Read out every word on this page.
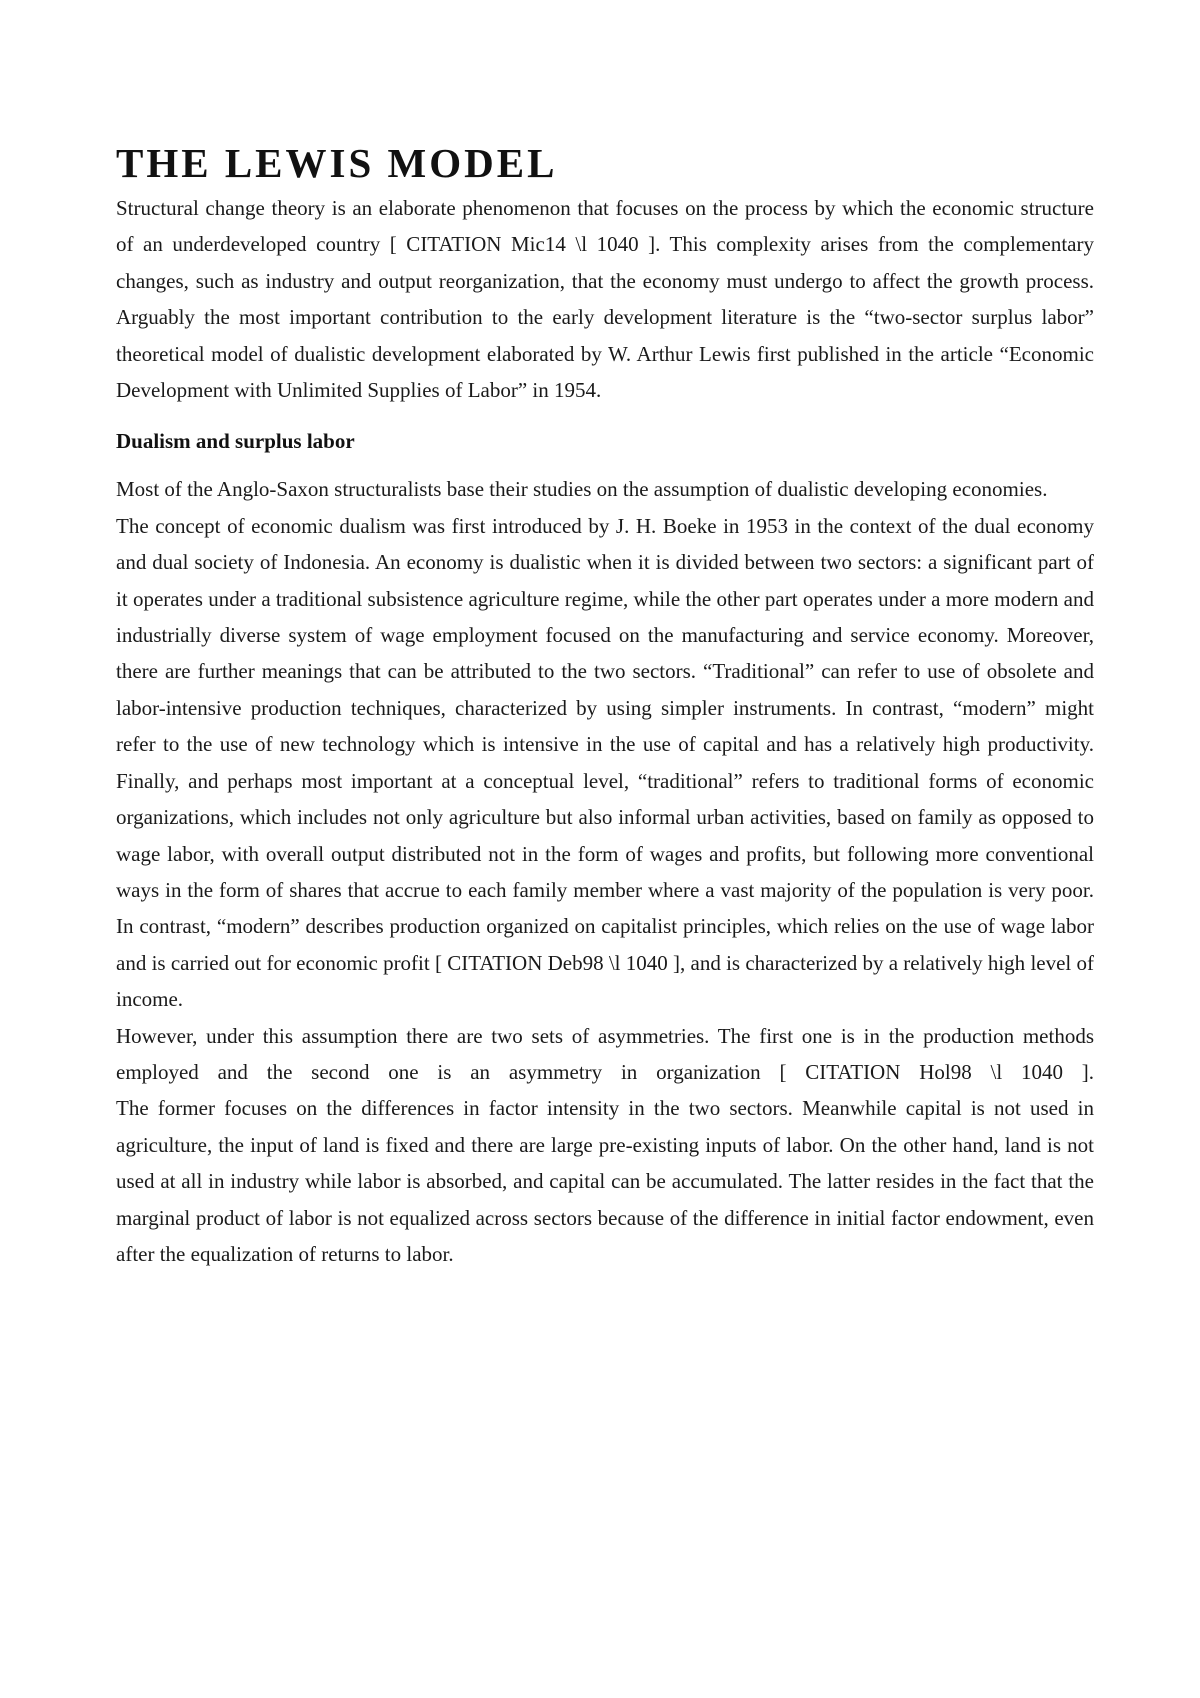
THE LEWIS MODEL

Structural change theory is an elaborate phenomenon that focuses on the process by which the economic structure of an underdeveloped country [ CITATION Mic14 \l 1040 ]. This complexity arises from the complementary changes, such as industry and output reorganization, that the economy must undergo to affect the growth process.

Arguably the most important contribution to the early development literature is the “two-sector surplus labor” theoretical model of dualistic development elaborated by W. Arthur Lewis first published in the article “Economic Development with Unlimited Supplies of Labor” in 1954.

Dualism and surplus labor

Most of the Anglo-Saxon structuralists base their studies on the assumption of dualistic developing economies.

The concept of economic dualism was first introduced by J. H. Boeke in 1953 in the context of the dual economy and dual society of Indonesia. An economy is dualistic when it is divided between two sectors: a significant part of it operates under a traditional subsistence agriculture regime, while the other part operates under a more modern and industrially diverse system of wage employment focused on the manufacturing and service economy. Moreover, there are further meanings that can be attributed to the two sectors. “Traditional” can refer to use of obsolete and labor-intensive production techniques, characterized by using simpler instruments. In contrast, “modern” might refer to the use of new technology which is intensive in the use of capital and has a relatively high productivity. Finally, and perhaps most important at a conceptual level, “traditional” refers to traditional forms of economic organizations, which includes not only agriculture but also informal urban activities, based on family as opposed to wage labor, with overall output distributed not in the form of wages and profits, but following more conventional ways in the form of shares that accrue to each family member where a vast majority of the population is very poor. In contrast, “modern” describes production organized on capitalist principles, which relies on the use of wage labor and is carried out for economic profit [ CITATION Deb98 \l 1040 ], and is characterized by a relatively high level of income.

However, under this assumption there are two sets of asymmetries. The first one is in the production methods employed and the second one is an asymmetry in organization [ CITATION Hol98 \l 1040 ].

The former focuses on the differences in factor intensity in the two sectors. Meanwhile capital is not used in agriculture, the input of land is fixed and there are large pre-existing inputs of labor. On the other hand, land is not used at all in industry while labor is absorbed, and capital can be accumulated. The latter resides in the fact that the marginal product of labor is not equalized across sectors because of the difference in initial factor endowment, even after the equalization of returns to labor.
